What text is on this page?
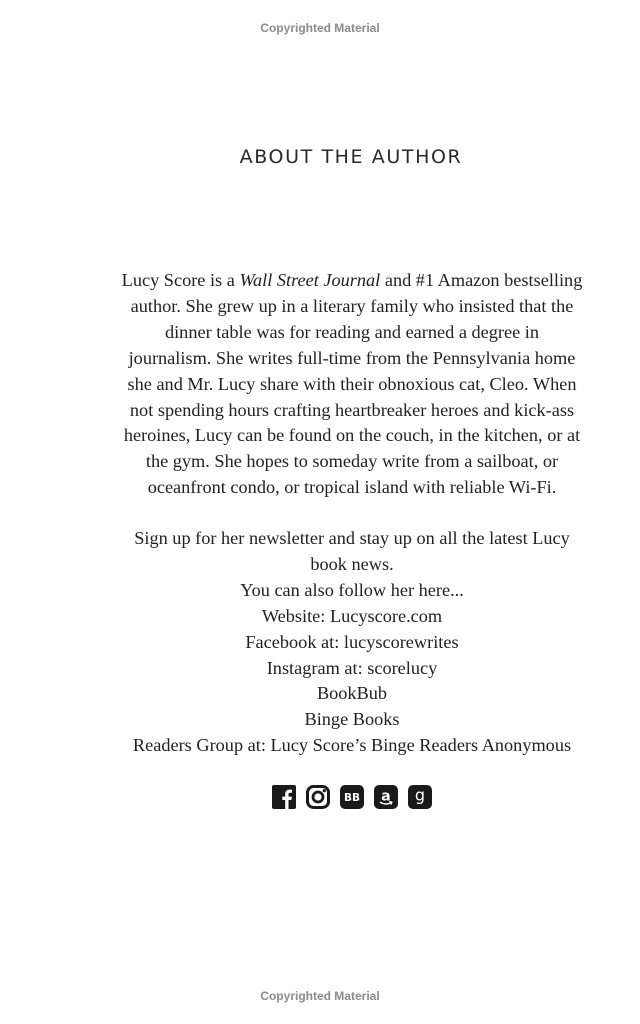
Copyrighted Material
ABOUT THE AUTHOR
Lucy Score is a Wall Street Journal and #1 Amazon bestselling
author. She grew up in a literary family who insisted that the
dinner table was for reading and earned a degree in
journalism. She writes full-time from the Pennsylvania home
she and Mr. Lucy share with their obnoxious cat, Cleo. When
not spending hours crafting heartbreaker heroes and kick-ass
heroines, Lucy can be found on the couch, in the kitchen, or at
the gym. She hopes to someday write from a sailboat, or
oceanfront condo, or tropical island with reliable Wi-Fi.
Sign up for her newsletter and stay up on all the latest Lucy
book news.
You can also follow her here...
Website: Lucyscore.com
Facebook at: lucyscorewrites
Instagram at: scorelucy
BookBub
Binge Books
Readers Group at: Lucy Score’s Binge Readers Anonymous
BB a g
Copyrighted Material
